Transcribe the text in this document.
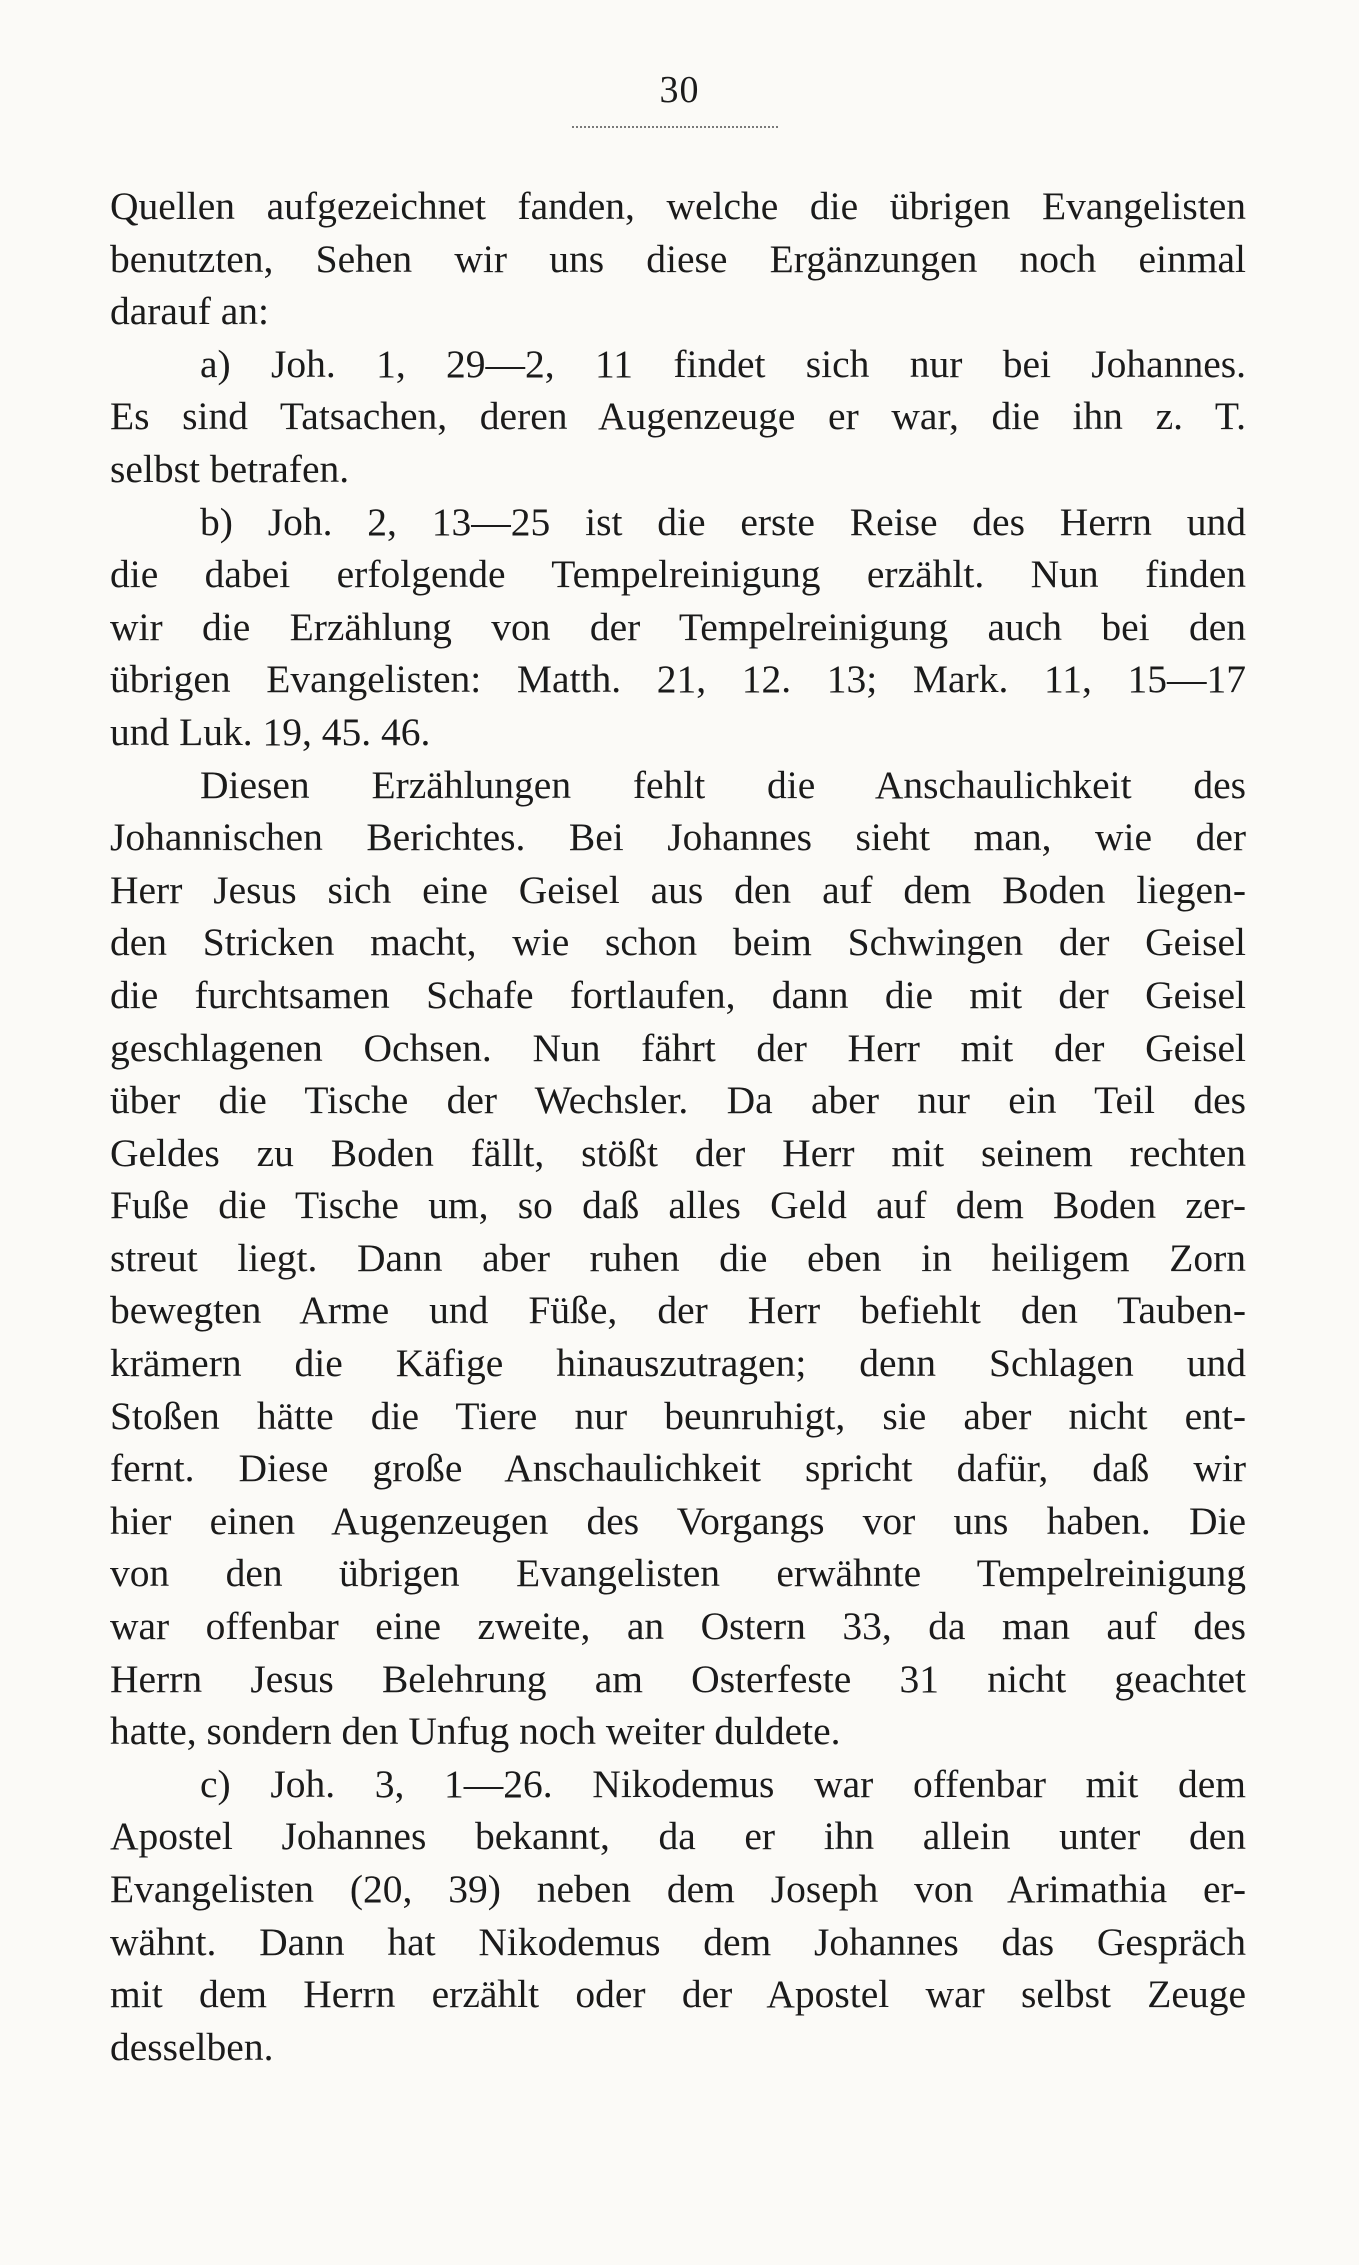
30
Quellen aufgezeichnet fanden, welche die übrigen Evangelisten
benutzten, Sehen wir uns diese Ergänzungen noch einmal
darauf an:
a) Joh. 1, 29—2, 11 findet sich nur bei Johannes.
Es sind Tatsachen, deren Augenzeuge er war, die ihn z. T.
selbst betrafen.
b) Joh. 2, 13—25 ist die erste Reise des Herrn und
die dabei erfolgende Tempelreinigung erzählt. Nun finden
wir die Erzählung von der Tempelreinigung auch bei den
übrigen Evangelisten: Matth. 21, 12. 13; Mark. 11, 15—17
und Luk. 19, 45. 46.
Diesen Erzählungen fehlt die Anschaulichkeit des
Johannischen Berichtes. Bei Johannes sieht man, wie der
Herr Jesus sich eine Geisel aus den auf dem Boden liegen-
den Stricken macht, wie schon beim Schwingen der Geisel
die furchtsamen Schafe fortlaufen, dann die mit der Geisel
geschlagenen Ochsen. Nun fährt der Herr mit der Geisel
über die Tische der Wechsler. Da aber nur ein Teil des
Geldes zu Boden fällt, stößt der Herr mit seinem rechten
Fuße die Tische um, so daß alles Geld auf dem Boden zer-
streut liegt. Dann aber ruhen die eben in heiligem Zorn
bewegten Arme und Füße, der Herr befiehlt den Tauben-
krämern die Käfige hinauszutragen; denn Schlagen und
Stoßen hätte die Tiere nur beunruhigt, sie aber nicht ent-
fernt. Diese große Anschaulichkeit spricht dafür, daß wir
hier einen Augenzeugen des Vorgangs vor uns haben. Die
von den übrigen Evangelisten erwähnte Tempelreinigung
war offenbar eine zweite, an Ostern 33, da man auf des
Herrn Jesus Belehrung am Osterfeste 31 nicht geachtet
hatte, sondern den Unfug noch weiter duldete.
c) Joh. 3, 1—26. Nikodemus war offenbar mit dem
Apostel Johannes bekannt, da er ihn allein unter den
Evangelisten (20, 39) neben dem Joseph von Arimathia er-
wähnt. Dann hat Nikodemus dem Johannes das Gespräch
mit dem Herrn erzählt oder der Apostel war selbst Zeuge
desselben.
